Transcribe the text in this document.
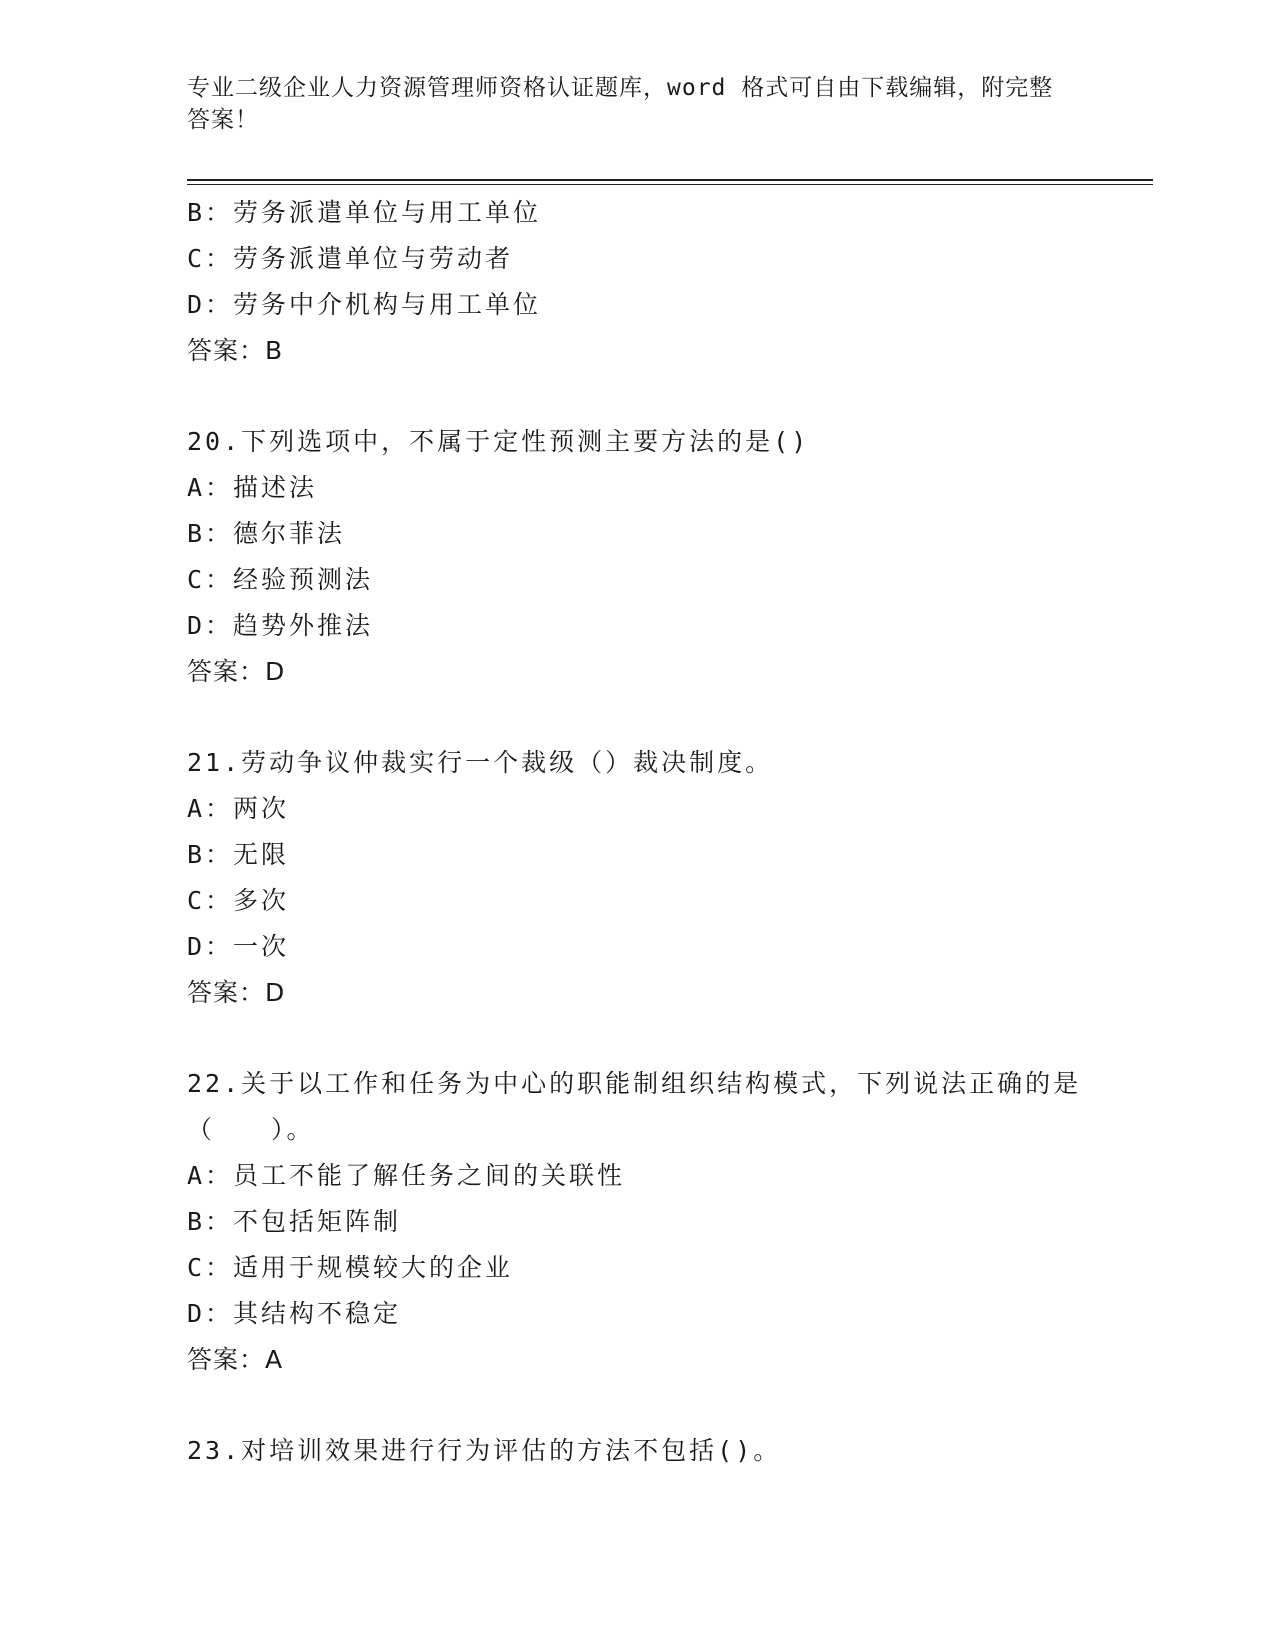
专业二级企业人力资源管理师资格认证题库，word 格式可自由下载编辑，附完整答案！
B：劳务派遣单位与用工单位
C：劳务派遣单位与劳动者
D：劳务中介机构与用工单位
答案：B
20.下列选项中，不属于定性预测主要方法的是()
A：描述法
B：德尔菲法
C：经验预测法
D：趋势外推法
答案：D
21.劳动争议仲裁实行一个裁级（）裁决制度。
A：两次
B：无限
C：多次
D：一次
答案：D
22.关于以工作和任务为中心的职能制组织结构模式，下列说法正确的是（　　）。
A：员工不能了解任务之间的关联性
B：不包括矩阵制
C：适用于规模较大的企业
D：其结构不稳定
答案：A
23.对培训效果进行行为评估的方法不包括()。
